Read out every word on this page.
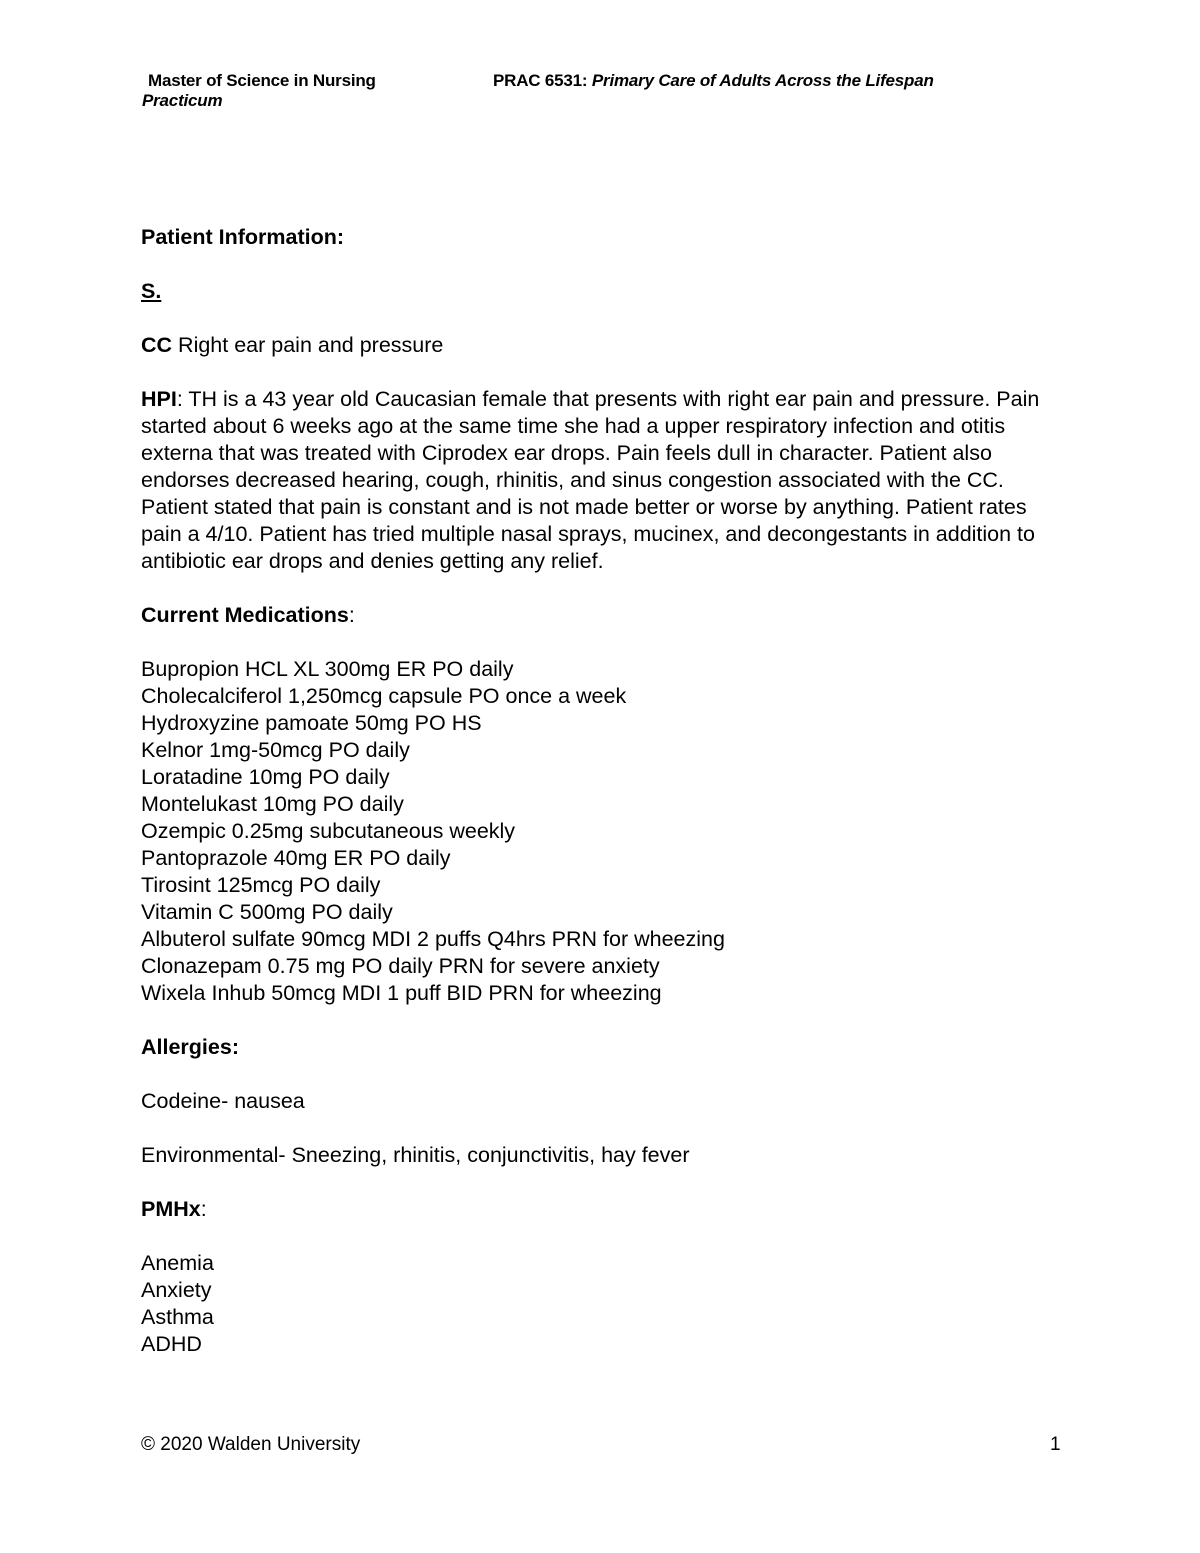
Master of Science in Nursing
Practicum
PRAC 6531: Primary Care of Adults Across the Lifespan
Patient Information:
S.
CC Right ear pain and pressure
HPI: TH is a 43 year old Caucasian female that presents with right ear pain and pressure. Pain started about 6 weeks ago at the same time she had a upper respiratory infection and otitis externa that was treated with Ciprodex ear drops. Pain feels dull in character. Patient also endorses decreased hearing, cough, rhinitis, and sinus congestion associated with the CC. Patient stated that pain is constant and is not made better or worse by anything. Patient rates pain a 4/10. Patient has tried multiple nasal sprays, mucinex, and decongestants in addition to antibiotic ear drops and denies getting any relief.
Current Medications:
Bupropion HCL XL 300mg ER PO daily
Cholecalciferol 1,250mcg capsule PO once a week
Hydroxyzine pamoate 50mg PO HS
Kelnor 1mg-50mcg PO daily
Loratadine 10mg PO daily
Montelukast 10mg PO daily
Ozempic 0.25mg subcutaneous weekly
Pantoprazole 40mg ER PO daily
Tirosint 125mcg PO daily
Vitamin C 500mg PO daily
Albuterol sulfate 90mcg MDI 2 puffs Q4hrs PRN for wheezing
Clonazepam 0.75 mg PO daily PRN for severe anxiety
Wixela Inhub 50mcg MDI 1 puff BID PRN for wheezing
Allergies:
Codeine- nausea
Environmental- Sneezing, rhinitis, conjunctivitis, hay fever
PMHx:
Anemia
Anxiety
Asthma
ADHD
© 2020 Walden University	1
